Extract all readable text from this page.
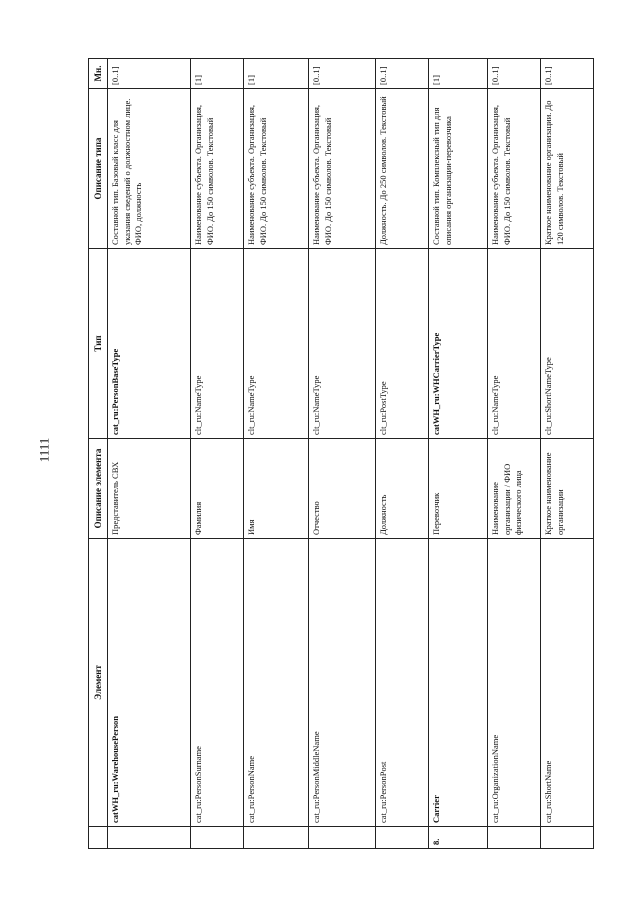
1111
	Элемент	Описание элемента	Тип	Описание типа	Мн.
	catWH_ru:WarehousePerson	Представитель СВХ	cat_ru:PersonBaseType	Составной тип. Базовый класс для указания сведений о должностном лице. ФИО, должность	[0..1]
	cat_ru:PersonSurname	Фамилия	clt_ru:NameType	Наименование субъекта. Организация, ФИО. До 150 символов. Текстовый	[1]
	cat_ru:PersonName	Имя	clt_ru:NameType	Наименование субъекта. Организация, ФИО. До 150 символов. Текстовый	[1]
	cat_ru:PersonMiddleName	Отчество	clt_ru:NameType	Наименование субъекта. Организация, ФИО. До 150 символов. Текстовый	[0..1]
	cat_ru:PersonPost	Должность	clt_ru:PostType	Должность. До 250 символов. Текстовый	[0..1]
8.	Carrier	Перевозчик	catWH_ru:WHCarrierType	Составной тип. Комплексный тип для описания организации-перевозчика	[1]
	cat_ru:OrganizationName	Наименование организации / ФИО физического лица	clt_ru:NameType	Наименование субъекта. Организация, ФИО. До 150 символов. Текстовый	[0..1]
	cat_ru:ShortName	Краткое наименование организации	clt_ru:ShortNameType	Краткое наименование организации. До 120 символов. Текстовый	[0..1]
